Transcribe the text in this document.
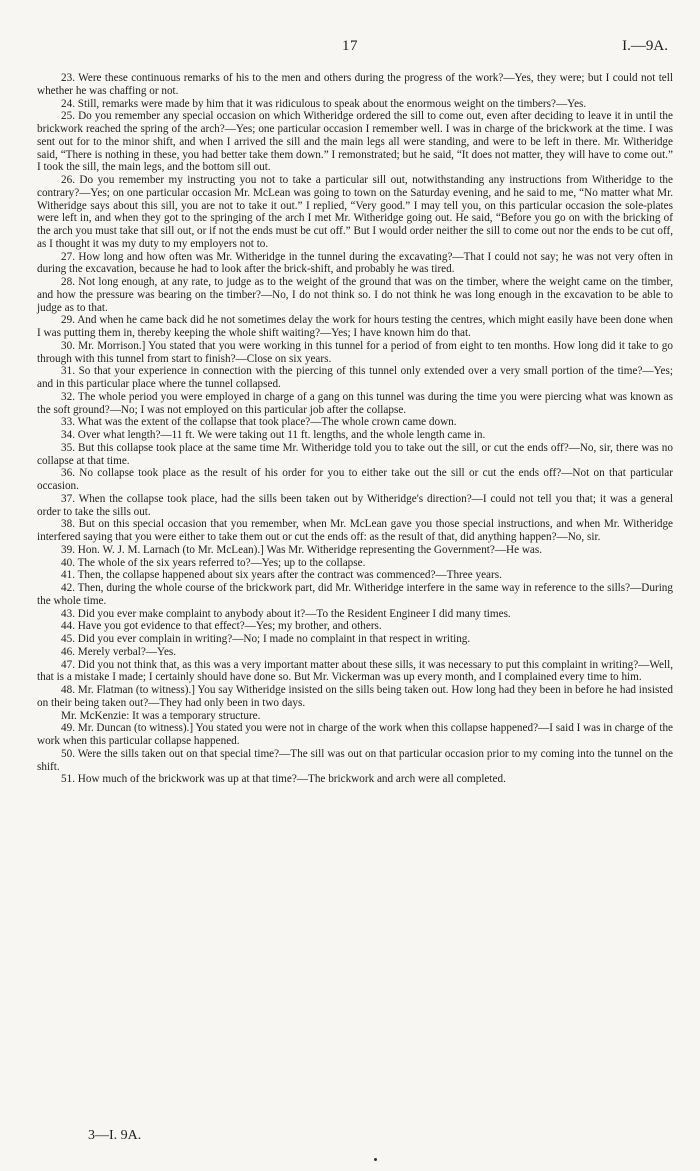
17	I.—9A.

23. Were these continuous remarks of his to the men and others during the progress of the work?—Yes, they were; but I could not tell whether he was chaffing or not.

24. Still, remarks were made by him that it was ridiculous to speak about the enormous weight on the timbers?—Yes.

25. Do you remember any special occasion on which Witheridge ordered the sill to come out, even after deciding to leave it in until the brickwork reached the spring of the arch?—Yes; one particular occasion I remember well. I was in charge of the brickwork at the time. I was sent out for to the minor shift, and when I arrived the sill and the main legs all were standing, and were to be left in there. Mr. Witheridge said, “There is nothing in these, you had better take them down.” I remonstrated; but he said, “It does not matter, they will have to come out.” I took the sill, the main legs, and the bottom sill out.

26. Do you remember my instructing you not to take a particular sill out, notwithstanding any instructions from Witheridge to the contrary?—Yes; on one particular occasion Mr. McLean was going to town on the Saturday evening, and he said to me, “No matter what Mr. Witheridge says about this sill, you are not to take it out.” I replied, “Very good.” I may tell you, on this particular occasion the sole-plates were left in, and when they got to the springing of the arch I met Mr. Witheridge going out. He said, “Before you go on with the bricking of the arch you must take that sill out, or if not the ends must be cut off.” But I would order neither the sill to come out nor the ends to be cut off, as I thought it was my duty to my employers not to.

27. How long and how often was Mr. Witheridge in the tunnel during the excavating?—That I could not say; he was not very often in during the excavation, because he had to look after the brick-shift, and probably he was tired.

28. Not long enough, at any rate, to judge as to the weight of the ground that was on the timber, where the weight came on the timber, and how the pressure was bearing on the timber?—No, I do not think so. I do not think he was long enough in the excavation to be able to judge as to that.

29. And when he came back did he not sometimes delay the work for hours testing the centres, which might easily have been done when I was putting them in, thereby keeping the whole shift waiting?—Yes; I have known him do that.

30. Mr. Morrison.] You stated that you were working in this tunnel for a period of from eight to ten months. How long did it take to go through with this tunnel from start to finish?—Close on six years.

31. So that your experience in connection with the piercing of this tunnel only extended over a very small portion of the time?—Yes; and in this particular place where the tunnel collapsed.

32. The whole period you were employed in charge of a gang on this tunnel was during the time you were piercing what was known as the soft ground?—No; I was not employed on this particular job after the collapse.

33. What was the extent of the collapse that took place?—The whole crown came down.

34. Over what length?—11 ft. We were taking out 11 ft. lengths, and the whole length came in.

35. But this collapse took place at the same time Mr. Witheridge told you to take out the sill, or cut the ends off?—No, sir, there was no collapse at that time.

36. No collapse took place as the result of his order for you to either take out the sill or cut the ends off?—Not on that particular occasion.

37. When the collapse took place, had the sills been taken out by Witheridge's direction?—I could not tell you that; it was a general order to take the sills out.

38. But on this special occasion that you remember, when Mr. McLean gave you those special instructions, and when Mr. Witheridge interfered saying that you were either to take them out or cut the ends off: as the result of that, did anything happen?—No, sir.

39. Hon. W. J. M. Larnach (to Mr. McLean).] Was Mr. Witheridge representing the Government?—He was.

40. The whole of the six years referred to?—Yes; up to the collapse.

41. Then, the collapse happened about six years after the contract was commenced?—Three years.

42. Then, during the whole course of the brickwork part, did Mr. Witheridge interfere in the same way in reference to the sills?—During the whole time.

43. Did you ever make complaint to anybody about it?—To the Resident Engineer I did many times.

44. Have you got evidence to that effect?—Yes; my brother, and others.

45. Did you ever complain in writing?—No; I made no complaint in that respect in writing.

46. Merely verbal?—Yes.

47. Did you not think that, as this was a very important matter about these sills, it was necessary to put this complaint in writing?—Well, that is a mistake I made; I certainly should have done so. But Mr. Vickerman was up every month, and I complained every time to him.

48. Mr. Flatman (to witness).] You say Witheridge insisted on the sills being taken out. How long had they been in before he had insisted on their being taken out?—They had only been in two days.

Mr. McKenzie: It was a temporary structure.

49. Mr. Duncan (to witness).] You stated you were not in charge of the work when this collapse happened?—I said I was in charge of the work when this particular collapse happened.

50. Were the sills taken out on that special time?—The sill was out on that particular occasion prior to my coming into the tunnel on the shift.

51. How much of the brickwork was up at that time?—The brickwork and arch were all completed.

3—I. 9A.
